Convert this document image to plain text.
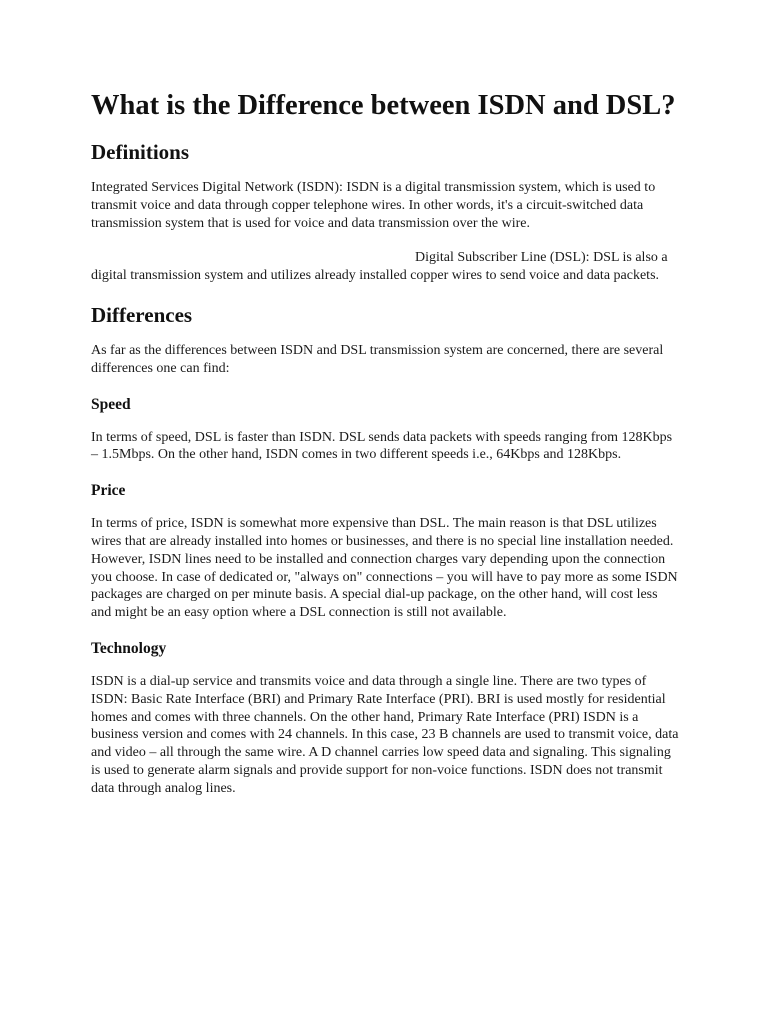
What is the Difference between ISDN and DSL?
Definitions

Integrated Services Digital Network (ISDN): ISDN is a digital transmission system, which is used to transmit voice and data through copper telephone wires. In other words, it's a circuit-switched data transmission system that is used for voice and data transmission over the wire.

Digital Subscriber Line (DSL): DSL is also a digital transmission system and utilizes already installed copper wires to send voice and data packets.

Differences

As far as the differences between ISDN and DSL transmission system are concerned, there are several differences one can find:

Speed

In terms of speed, DSL is faster than ISDN. DSL sends data packets with speeds ranging from 128Kbps – 1.5Mbps. On the other hand, ISDN comes in two different speeds i.e., 64Kbps and 128Kbps.

Price

In terms of price, ISDN is somewhat more expensive than DSL. The main reason is that DSL utilizes wires that are already installed into homes or businesses, and there is no special line installation needed. However, ISDN lines need to be installed and connection charges vary depending upon the connection you choose. In case of dedicated or, "always on" connections – you will have to pay more as some ISDN packages are charged on per minute basis. A special dial-up package, on the other hand, will cost less and might be an easy option where a DSL connection is still not available.

Technology

ISDN is a dial-up service and transmits voice and data through a single line. There are two types of ISDN: Basic Rate Interface (BRI) and Primary Rate Interface (PRI). BRI is used mostly for residential homes and comes with three channels. On the other hand, Primary Rate Interface (PRI) ISDN is a business version and comes with 24 channels. In this case, 23 B channels are used to transmit voice, data and video – all through the same wire. A D channel carries low speed data and signaling. This signaling is used to generate alarm signals and provide support for non-voice functions. ISDN does not transmit data through analog lines.
